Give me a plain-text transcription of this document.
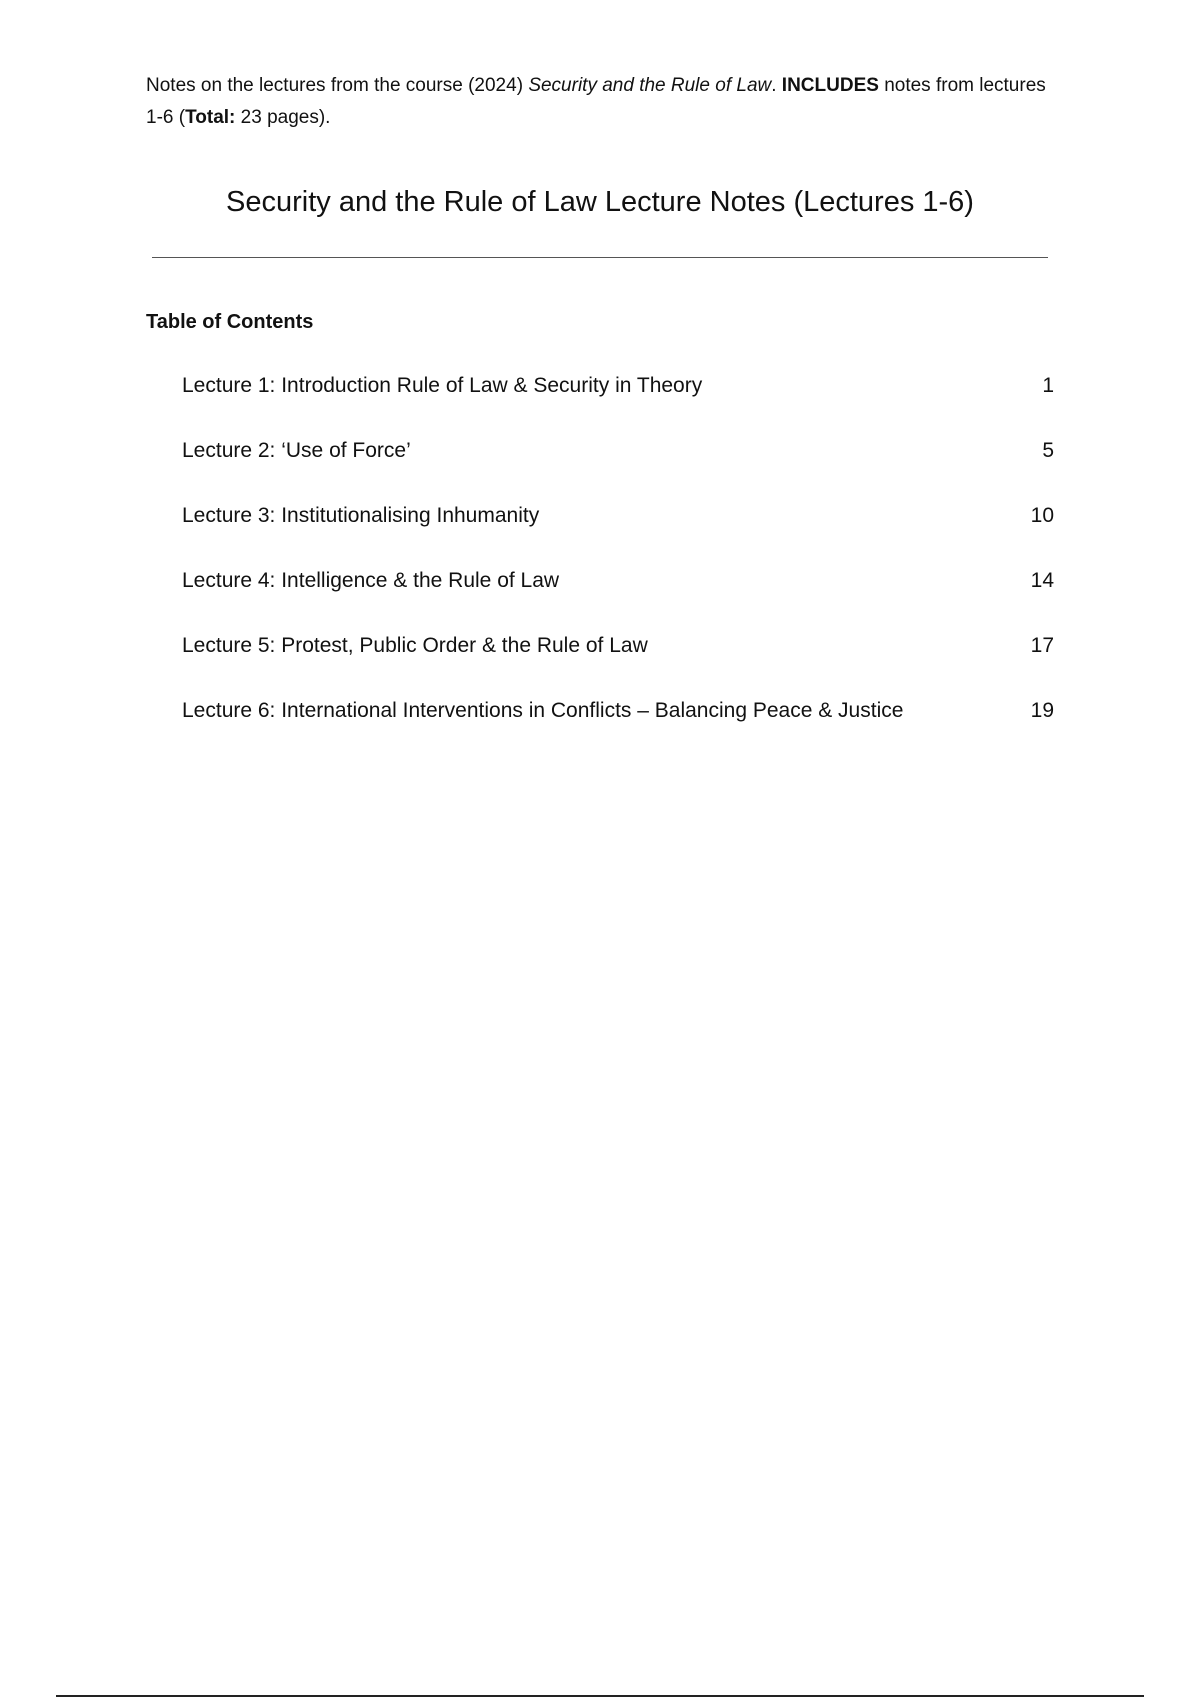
Notes on the lectures from the course (2024) Security and the Rule of Law. INCLUDES notes from lectures 1-6 (Total: 23 pages).

Security and the Rule of Law Lecture Notes (Lectures 1-6)
Table of Contents
Lecture 1: Introduction Rule of Law & Security in Theory	1
Lecture 2: ‘Use of Force’	5
Lecture 3: Institutionalising Inhumanity	10
Lecture 4: Intelligence & the Rule of Law	14
Lecture 5: Protest, Public Order & the Rule of Law	17
Lecture 6: International Interventions in Conflicts – Balancing Peace & Justice	19
